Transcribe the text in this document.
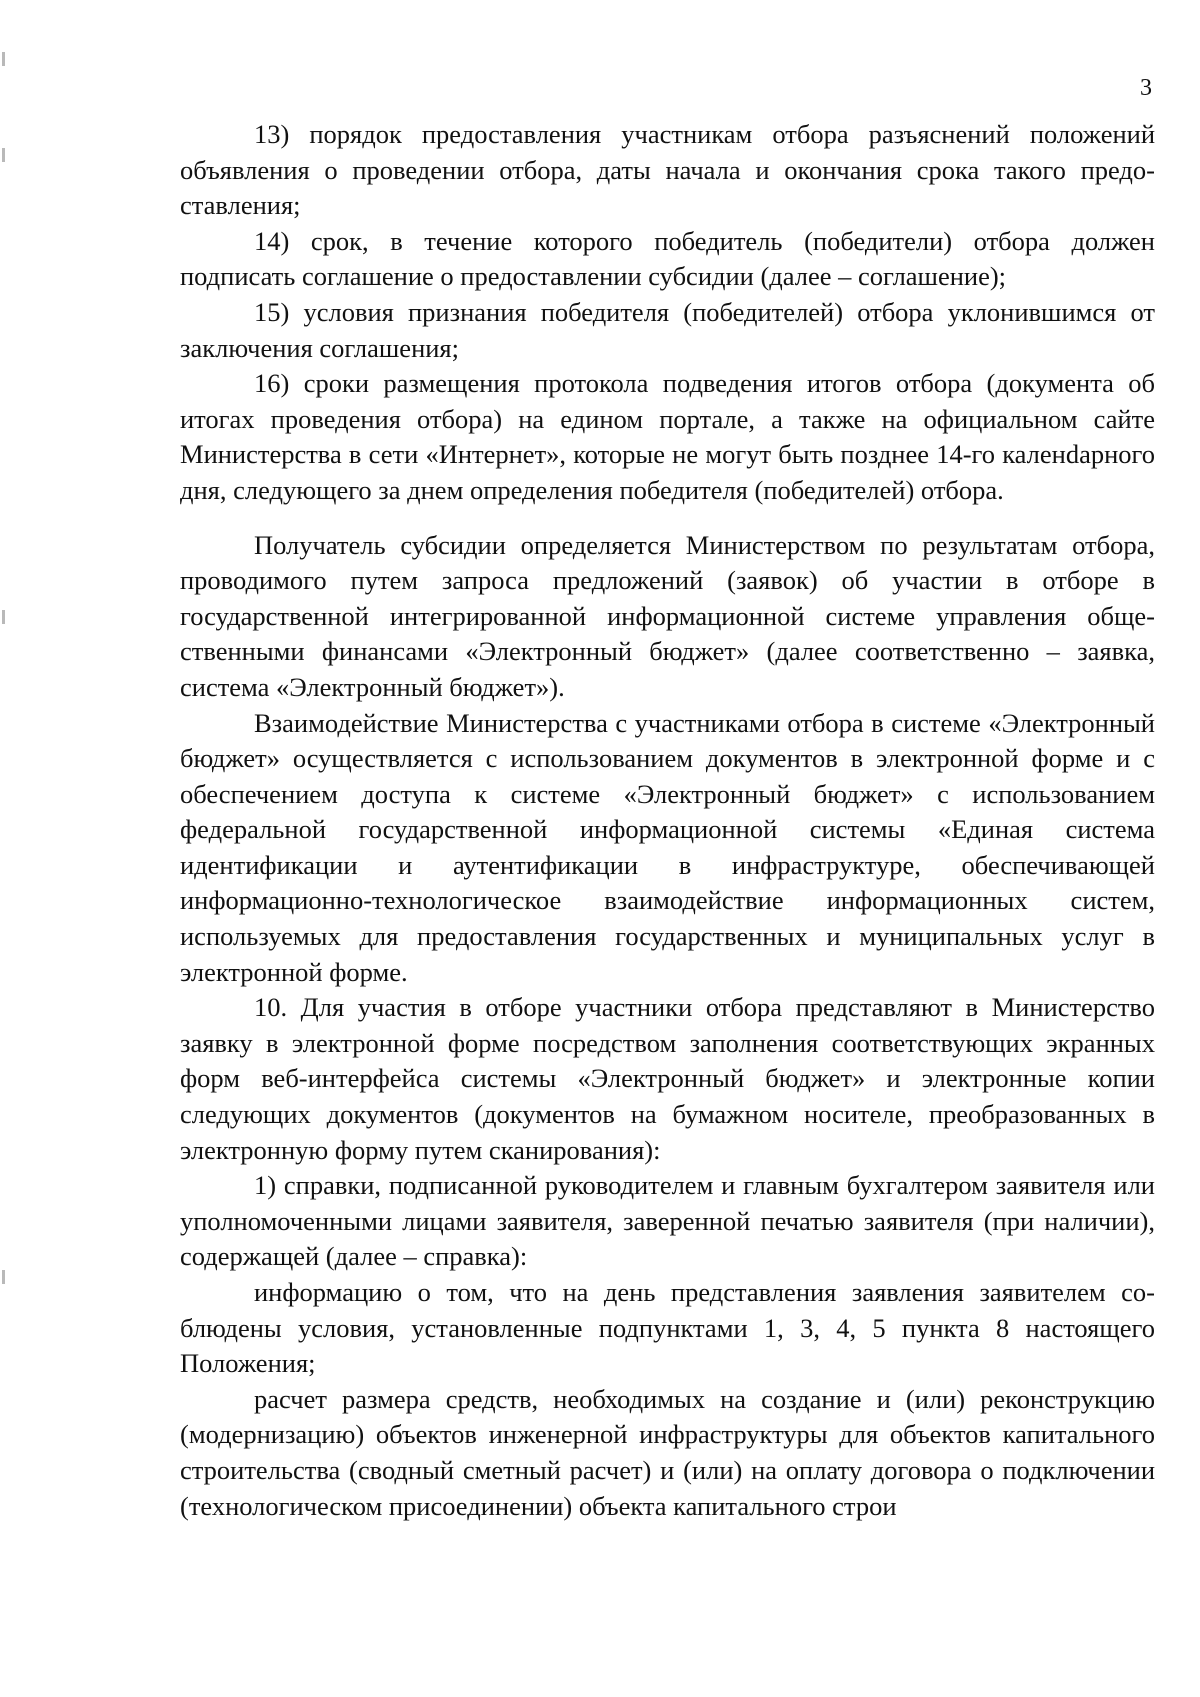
3

13) порядок предоставления участникам отбора разъяснений положений объявления о проведении отбора, даты начала и окончания срока такого предоставления;

14) срок, в течение которого победитель (победители) отбора должен подписать соглашение о предоставлении субсидии (далее – соглашение);

15) условия признания победителя (победителей) отбора уклонившимся от заключения соглашения;

16) сроки размещения протокола подведения итогов отбора (документа об итогах проведения отбора) на едином портале, а также на официальном сайте Министерства в сети «Интернет», которые не могут быть позднее 14-го каленdарного дня, следующего за днем определения победителя (победителей) отбора.

Получатель субсидии определяется Министерством по результатам отбора, проводимого путем запроса предложений (заявок) об участии в отборе в государственной интегрированной информационной системе управления общественными финансами «Электронный бюджет» (далее соответственно – заявка, система «Электронный бюджет»).

Взаимодействие Министерства с участниками отбора в системе «Электронный бюджет» осуществляется с использованием документов в электронной форме и с обеспечением доступа к системе «Электронный бюджет» с использованием федеральной государственной информационной системы «Единая система идентификации и аутентификации в инфраструктуре, обеспечивающей информационно-технологическое взаимодействие информационных систем, используемых для предоставления государственных и муниципальных услуг в электронной форме.

10. Для участия в отборе участники отбора представляют в Министерство заявку в электронной форме посредством заполнения соответствующих экранных форм веб-интерфейса системы «Электронный бюджет» и электронные копии следующих документов (документов на бумажном носителе, преобразованных в электронную форму путем сканирования):

1) справки, подписанной руководителем и главным бухгалтером заявителя или уполномоченными лицами заявителя, заверенной печатью заявителя (при наличии), содержащей (далее – справка):

информацию о том, что на день представления заявления заявителем соблюдены условия, установленные подпунктами 1, 3, 4, 5 пункта 8 настоящего Положения;

расчет размера средств, необходимых на создание и (или) реконструкцию (модернизацию) объектов инженерной инфраструктуры для объектов капитального строительства (сводный сметный расчет) и (или) на оплату договора о подключении (технологическом присоединении) объекта капитального строи
